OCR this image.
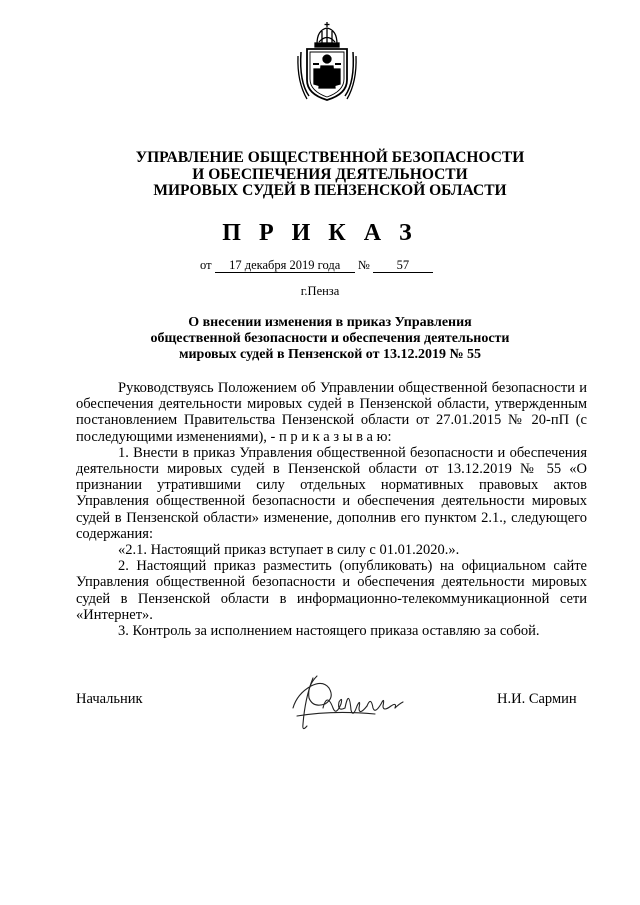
УПРАВЛЕНИЕ ОБЩЕСТВЕННОЙ БЕЗОПАСНОСТИ
И ОБЕСПЕЧЕНИЯ ДЕЯТЕЛЬНОСТИ
МИРОВЫХ СУДЕЙ В ПЕНЗЕНСКОЙ ОБЛАСТИ
П Р И К А З
от 17 декабря 2019 года № 57
г.Пенза
О внесении изменения в приказ Управления
общественной безопасности и обеспечения деятельности
мировых судей в Пензенской от 13.12.2019 № 55

Руководствуясь Положением об Управлении общественной безопасности и обеспечения деятельности мировых судей в Пензенской области, утвержденным постановлением Правительства Пензенской области от 27.01.2015 № 20-пП (с последующими изменениями), - п р и к а з ы в а ю:

1. Внести в приказ Управления общественной безопасности и обеспечения деятельности мировых судей в Пензенской области от 13.12.2019 № 55 «О признании утратившими силу отдельных нормативных правовых актов Управления общественной безопасности и обеспечения деятельности мировых судей в Пензенской области» изменение, дополнив его пунктом 2.1., следующего содержания:

«2.1. Настоящий приказ вступает в силу с 01.01.2020.».

2. Настоящий приказ разместить (опубликовать) на официальном сайте Управления общественной безопасности и обеспечения деятельности мировых судей в Пензенской области в информационно-телекоммуникационной сети «Интернет».

3. Контроль за исполнением настоящего приказа оставляю за собой.

Начальник	Н.И. Сармин
